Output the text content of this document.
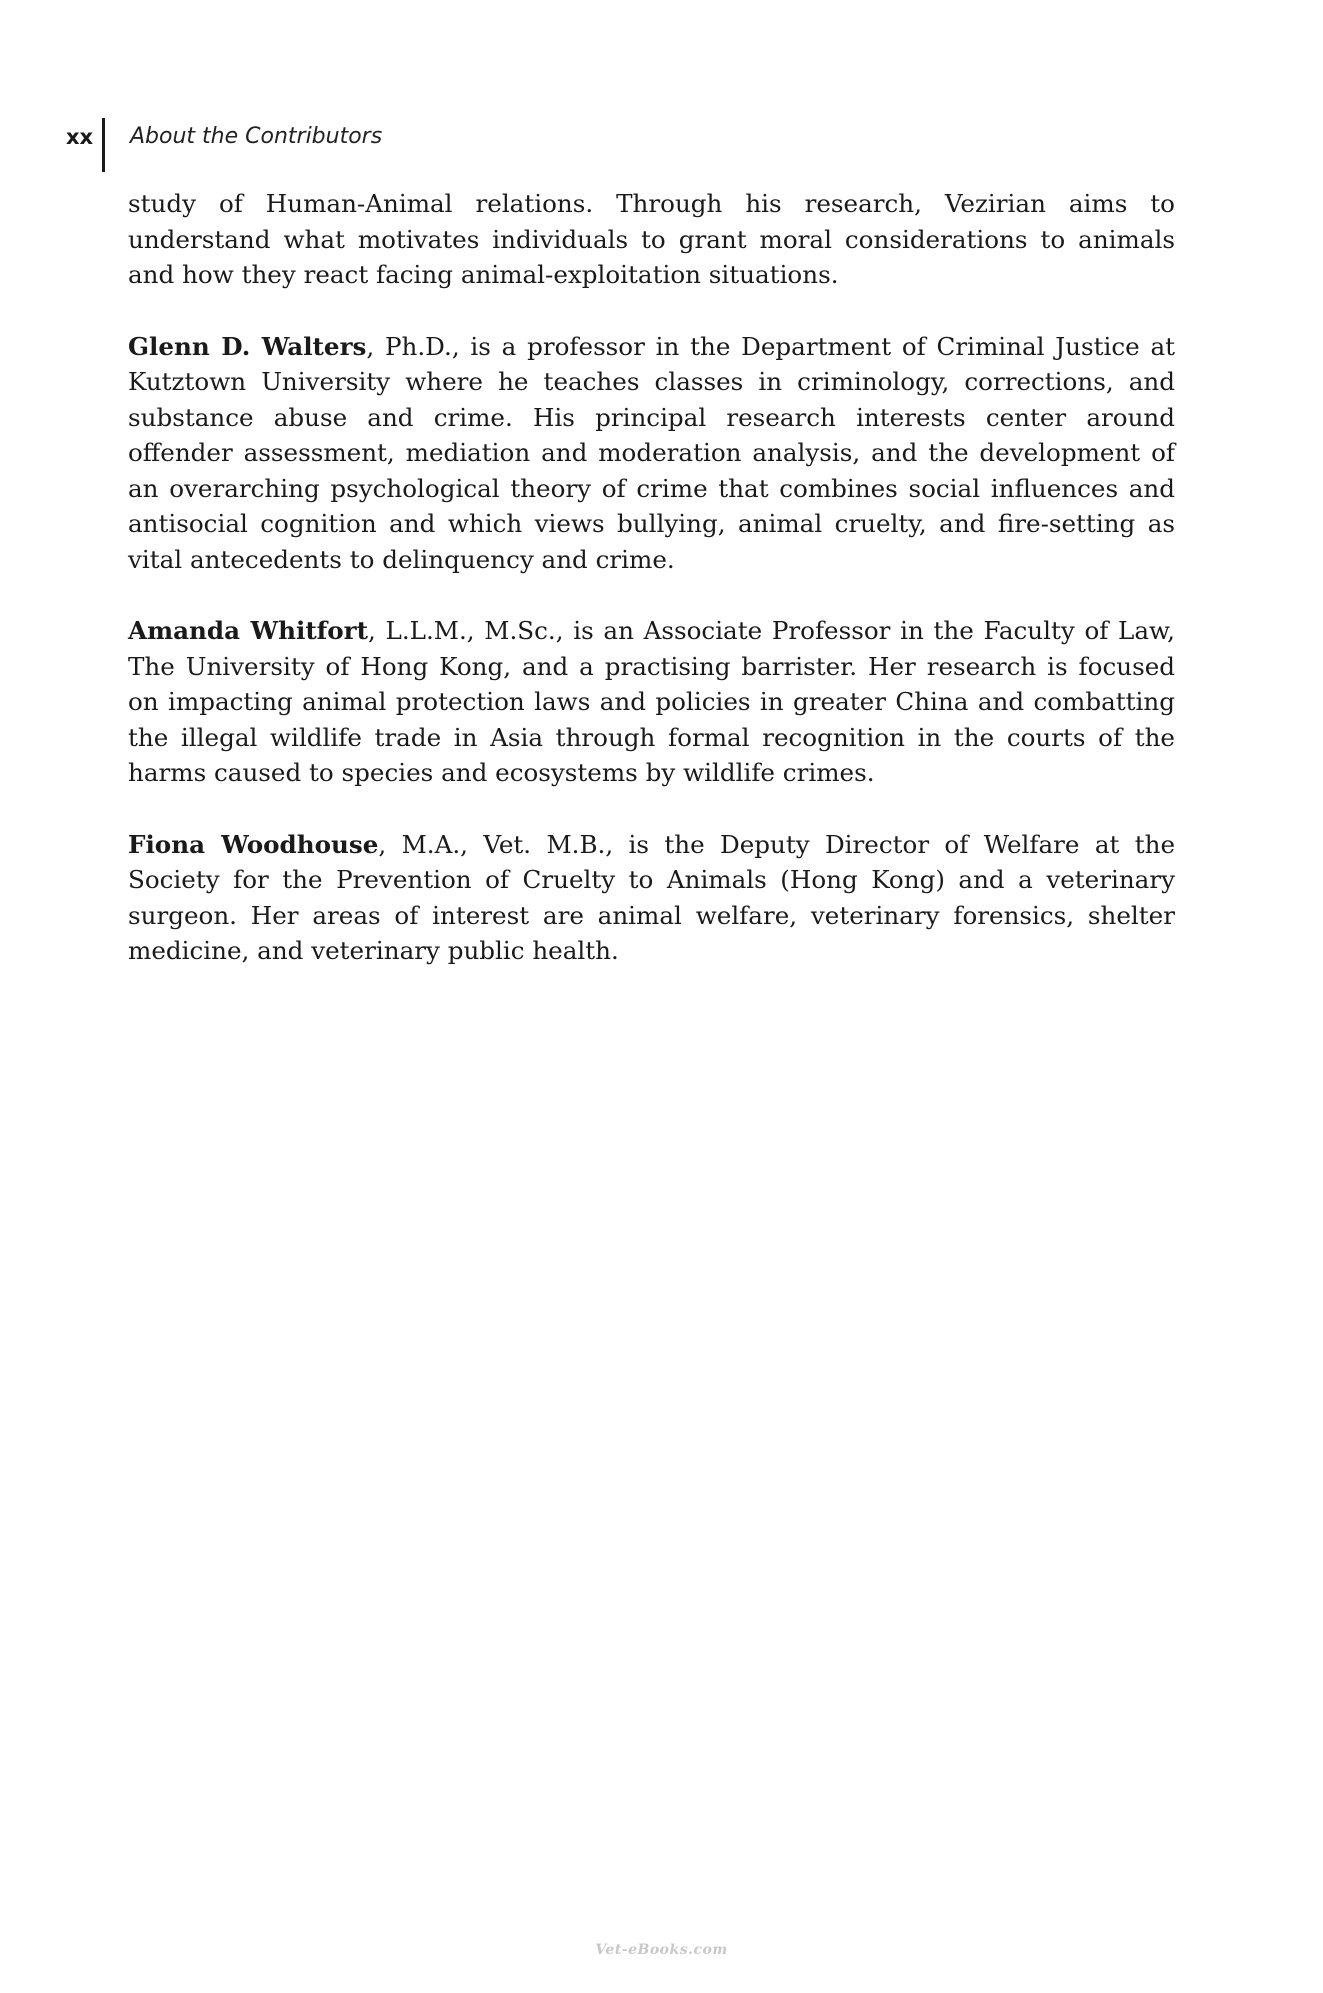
xx	About the Contributors

study of Human-Animal relations. Through his research, Vezirian aims to understand what motivates individuals to grant moral considerations to animals and how they react facing animal-exploitation situations.

Glenn D. Walters, Ph.D., is a professor in the Department of Criminal Justice at Kutztown University where he teaches classes in criminology, corrections, and substance abuse and crime. His principal research interests center around offender assessment, mediation and moderation analysis, and the development of an overarching psychological theory of crime that combines social influences and antisocial cognition and which views bullying, animal cruelty, and fire-setting as vital antecedents to delinquency and crime.

Amanda Whitfort, L.L.M., M.Sc., is an Associate Professor in the Faculty of Law, The University of Hong Kong, and a practising barrister. Her research is focused on impacting animal protection laws and policies in greater China and combatting the illegal wildlife trade in Asia through formal recognition in the courts of the harms caused to species and ecosystems by wildlife crimes.

Fiona Woodhouse, M.A., Vet. M.B., is the Deputy Director of Welfare at the Society for the Prevention of Cruelty to Animals (Hong Kong) and a veterinary surgeon. Her areas of interest are animal welfare, veterinary forensics, shelter medicine, and veterinary public health.

Vet-eBooks.com
